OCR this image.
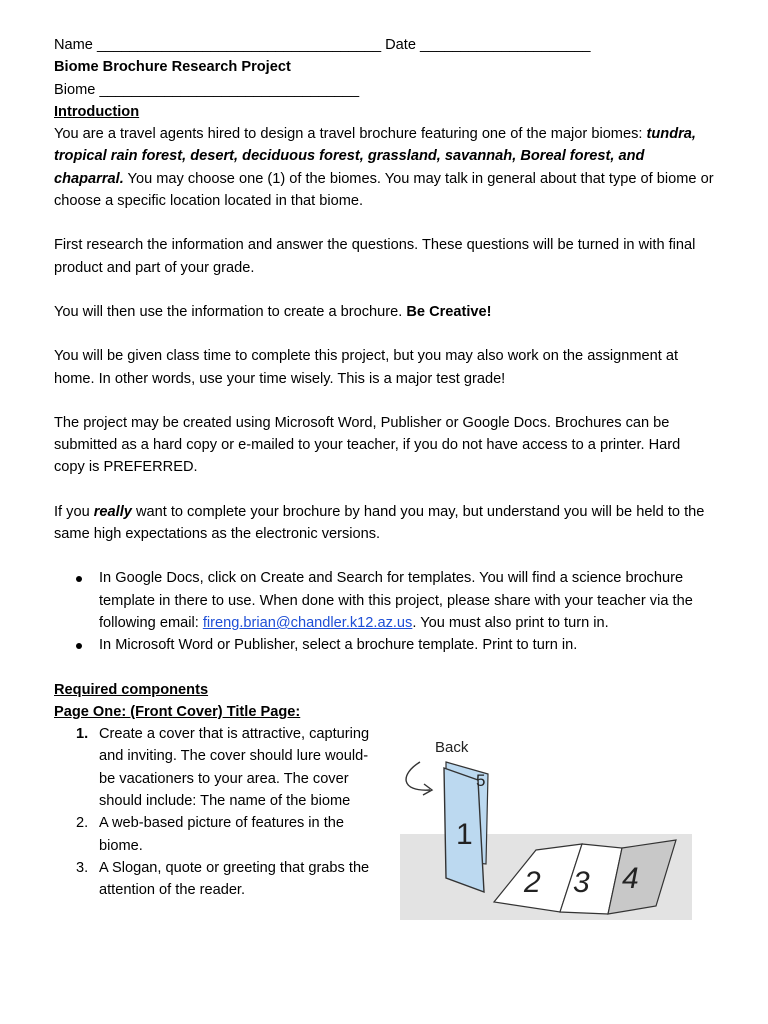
Name ___________________________________ Date _____________________

Biome Brochure Research Project

Biome ________________________________

Introduction

You are a travel agents hired to design a travel brochure featuring one of the major biomes: tundra, tropical rain forest, desert, deciduous forest, grassland, savannah, Boreal forest, and chaparral. You may choose one (1) of the biomes. You may talk in general about that type of biome or choose a specific location located in that biome.

First research the information and answer the questions. These questions will be turned in with final product and part of your grade.

You will then use the information to create a brochure. Be Creative!

You will be given class time to complete this project, but you may also work on the assignment at home. In other words, use your time wisely. This is a major test grade!

The project may be created using Microsoft Word, Publisher or Google Docs. Brochures can be submitted as a hard copy or e-mailed to your teacher, if you do not have access to a printer. Hard copy is PREFERRED.

If you really want to complete your brochure by hand you may, but understand you will be held to the same high expectations as the electronic versions.

In Google Docs, click on Create and Search for templates. You will find a science brochure template in there to use. When done with this project, please share with your teacher via the following email: fireng.brian@chandler.k12.az.us. You must also print to turn in.
In Microsoft Word or Publisher, select a brochure template. Print to turn in.

Required components

Page One: (Front Cover) Title Page:

1. Create a cover that is attractive, capturing and inviting. The cover should lure would- be vacationers to your area. The cover should include: The name of the biome
2. A web-based picture of features in the biome.
3. A Slogan, quote or greeting that grabs the attention of the reader.
Back
5
1
2 3 4
